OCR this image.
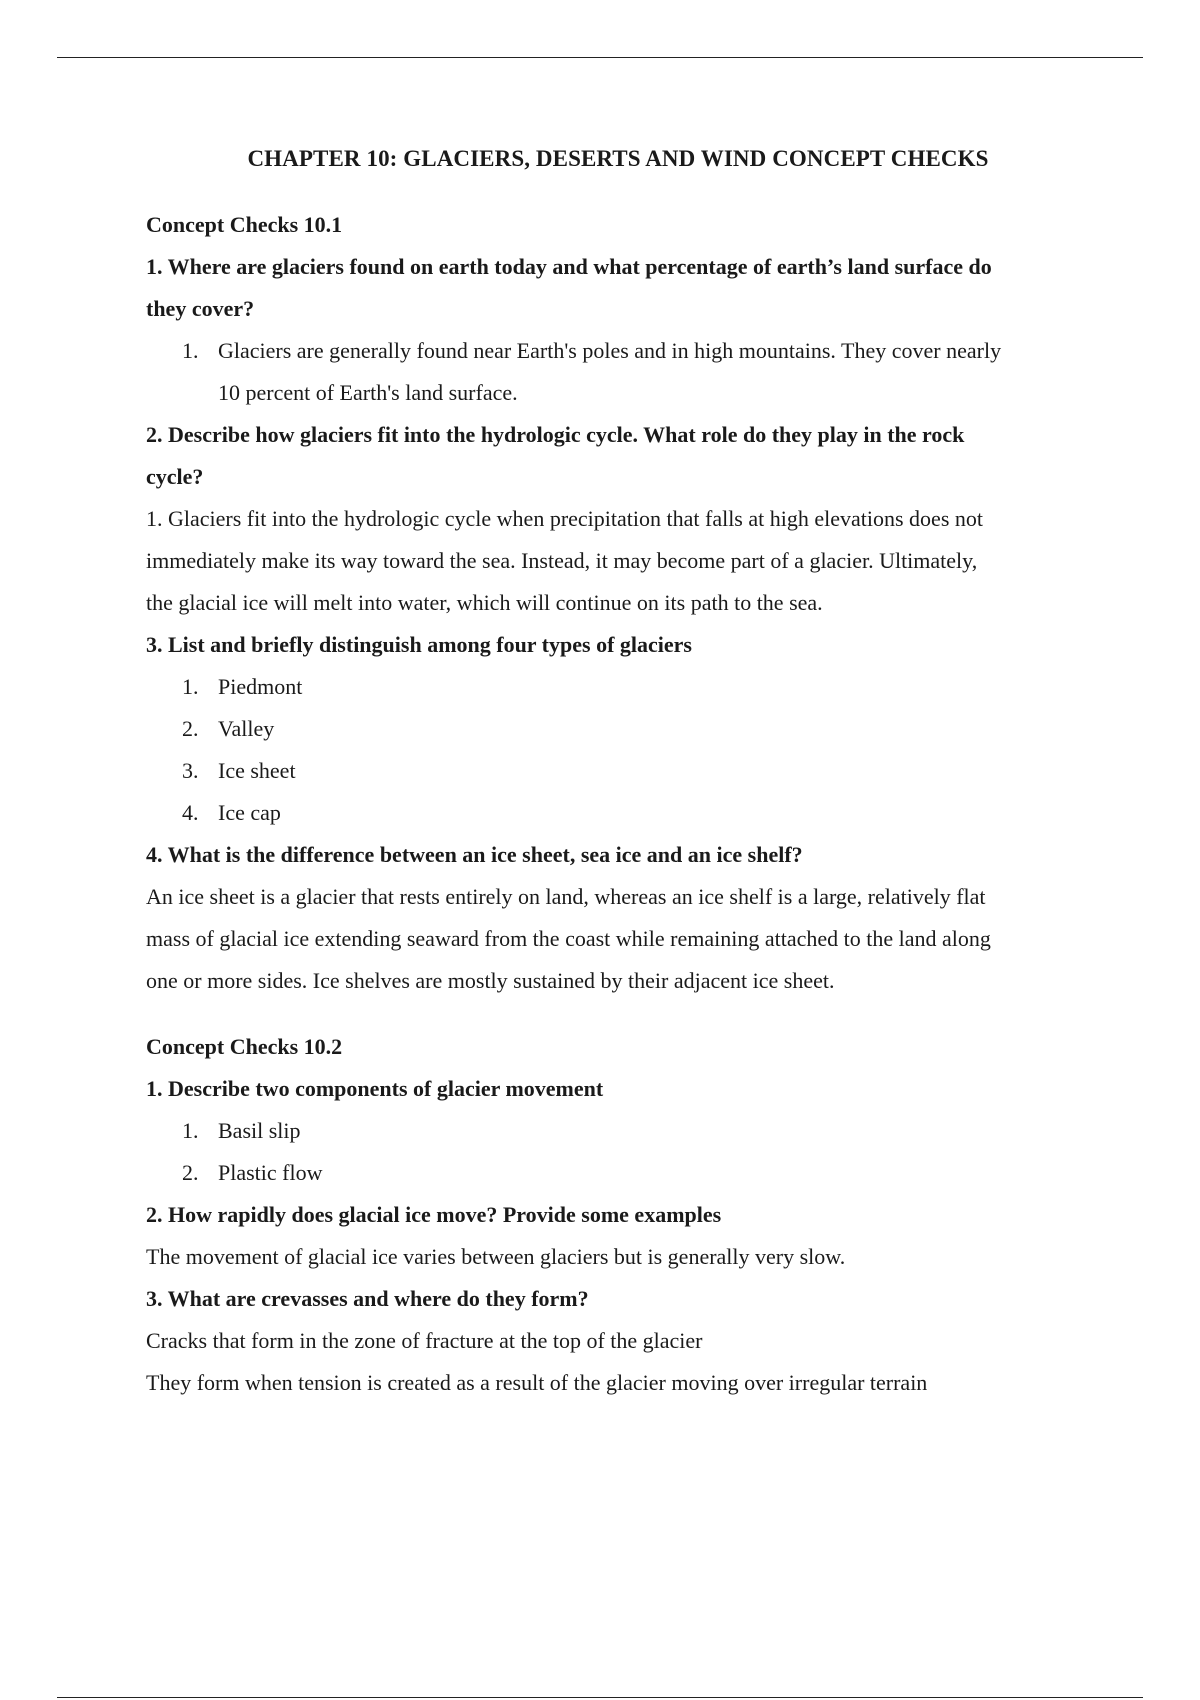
CHAPTER 10: GLACIERS, DESERTS AND WIND CONCEPT CHECKS
Concept Checks 10.1
1. Where are glaciers found on earth today and what percentage of earth’s land surface do
they cover?
1. Glaciers are generally found near Earth's poles and in high mountains. They cover nearly
10 percent of Earth's land surface.
2. Describe how glaciers fit into the hydrologic cycle. What role do they play in the rock
cycle?
1. Glaciers fit into the hydrologic cycle when precipitation that falls at high elevations does not
immediately make its way toward the sea. Instead, it may become part of a glacier. Ultimately,
the glacial ice will melt into water, which will continue on its path to the sea.
3. List and briefly distinguish among four types of glaciers
1. Piedmont
2. Valley
3. Ice sheet
4. Ice cap
4. What is the difference between an ice sheet, sea ice and an ice shelf?
An ice sheet is a glacier that rests entirely on land, whereas an ice shelf is a large, relatively flat
mass of glacial ice extending seaward from the coast while remaining attached to the land along
one or more sides. Ice shelves are mostly sustained by their adjacent ice sheet.
Concept Checks 10.2
1. Describe two components of glacier movement
1. Basil slip
2. Plastic flow
2. How rapidly does glacial ice move? Provide some examples
The movement of glacial ice varies between glaciers but is generally very slow.
3. What are crevasses and where do they form?
Cracks that form in the zone of fracture at the top of the glacier
They form when tension is created as a result of the glacier moving over irregular terrain
